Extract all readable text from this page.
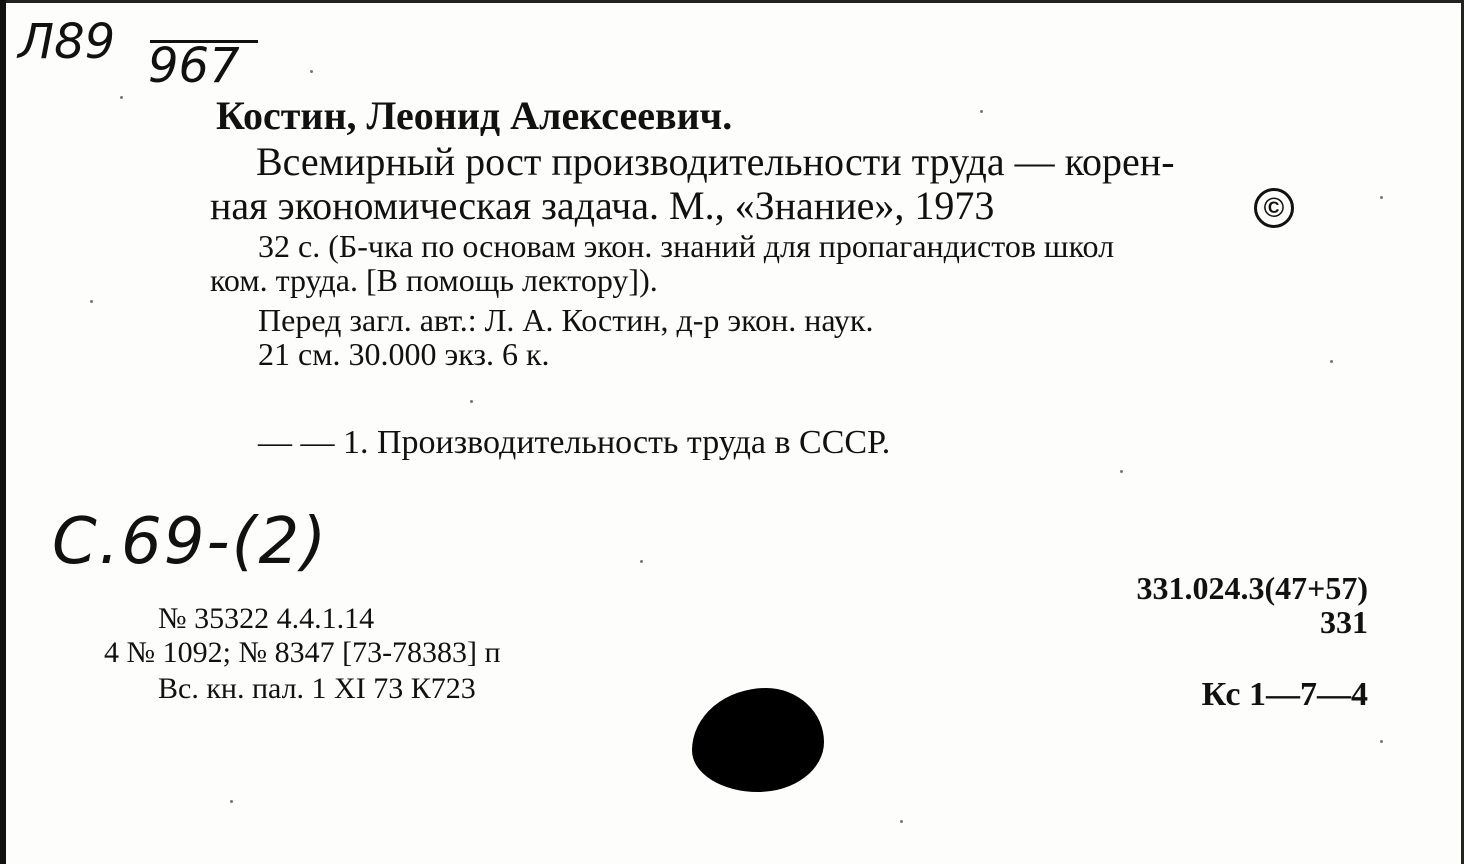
Л89 967
Костин, Леонид Алексеевич.
Всемирный рост производительности труда — корен-
ная экономическая задача. М., «Знание», 1973	©
32 с. (Б-чка по основам экон. знаний для пропагандистов школ
ком. труда. [В помощь лектору]).
Перед загл. авт.: Л. А. Костин, д-р экон. наук.
21 см. 30.000 экз. 6 к.
— — 1. Производительность труда в СССР.
С.69-(2)
№ 35322 4.4.1.14
4 № 1092; № 8347 [73-78383] п
Вс. кн. пал. 1 XI 73 К723
331.024.3(47+57)
331
Кс 1—7—4
